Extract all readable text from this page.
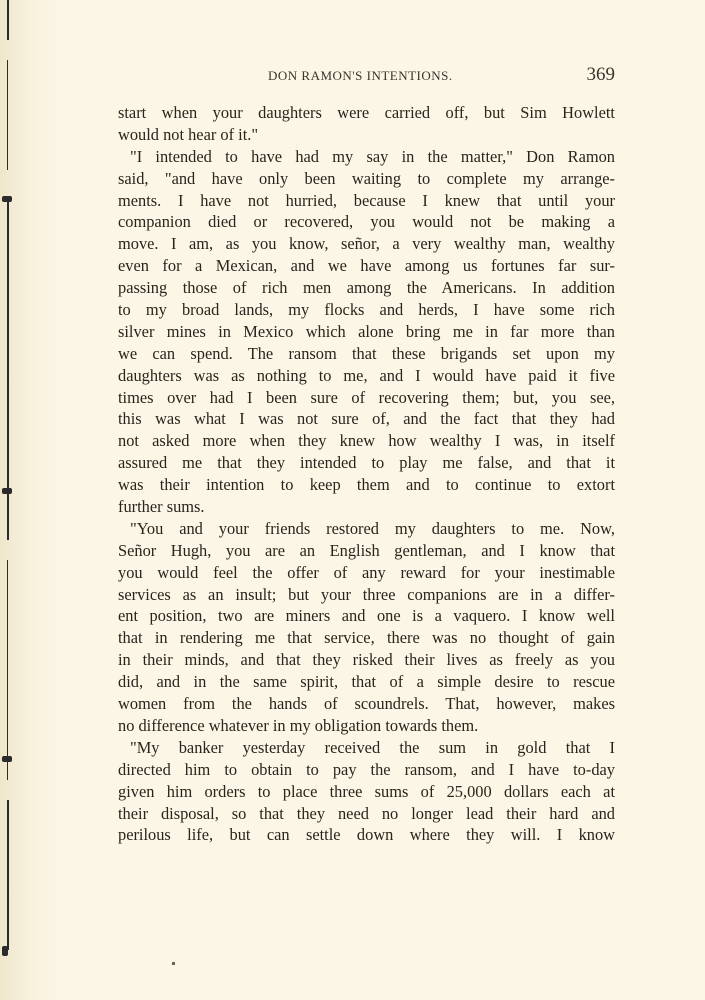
DON RAMON'S INTENTIONS.	369
start when your daughters were carried off, but Sim Howlett
would not hear of it."
"I intended to have had my say in the matter," Don Ramon
said, "and have only been waiting to complete my arrange-
ments. I have not hurried, because I knew that until your
companion died or recovered, you would not be making a
move. I am, as you know, señor, a very wealthy man, wealthy
even for a Mexican, and we have among us fortunes far sur-
passing those of rich men among the Americans. In addition
to my broad lands, my flocks and herds, I have some rich
silver mines in Mexico which alone bring me in far more than
we can spend. The ransom that these brigands set upon my
daughters was as nothing to me, and I would have paid it five
times over had I been sure of recovering them; but, you see,
this was what I was not sure of, and the fact that they had
not asked more when they knew how wealthy I was, in itself
assured me that they intended to play me false, and that it
was their intention to keep them and to continue to extort
further sums.
"You and your friends restored my daughters to me. Now,
Señor Hugh, you are an English gentleman, and I know that
you would feel the offer of any reward for your inestimable
services as an insult; but your three companions are in a differ-
ent position, two are miners and one is a vaquero. I know well
that in rendering me that service, there was no thought of gain
in their minds, and that they risked their lives as freely as you
did, and in the same spirit, that of a simple desire to rescue
women from the hands of scoundrels. That, however, makes
no difference whatever in my obligation towards them.
"My banker yesterday received the sum in gold that I
directed him to obtain to pay the ransom, and I have to-day
given him orders to place three sums of 25,000 dollars each at
their disposal, so that they need no longer lead their hard and
perilous life, but can settle down where they will. I know
